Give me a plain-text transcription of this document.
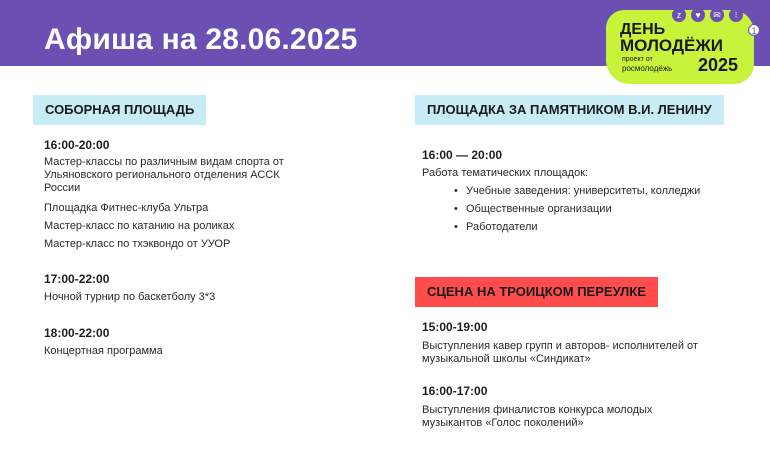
Афиша на 28.06.2025
z	♥	✉	⁝
1
ДЕНЬ
МОЛОДЁЖИ
проект от
росмолодёжь 2025
СОБОРНАЯ ПЛОЩАДЬ
16:00-20:00
Мастер-классы по различным видам спорта от Ульяновского регионального отделения АССК России
Площадка Фитнес-клуба Ультра
Мастер-класс по катанию на роликах
Мастер-класс по тхэквондо от УУОР
17:00-22:00
Ночной турнир по баскетболу 3*3
18:00-22:00
Концертная программа
ПЛОЩАДКА ЗА ПАМЯТНИКОМ В.И. ЛЕНИНУ
16:00 — 20:00
Работа тематических площадок:
• Учебные заведения: университеты, колледжи
• Общественные организации
• Работодатели
СЦЕНА НА ТРОИЦКОМ ПЕРЕУЛКЕ
15:00-19:00
Выступления кавер групп и авторов- исполнителей от музыкальной школы «Синдикат»
16:00-17:00
Выступления финалистов конкурса молодых музыкантов «Голос поколений»
